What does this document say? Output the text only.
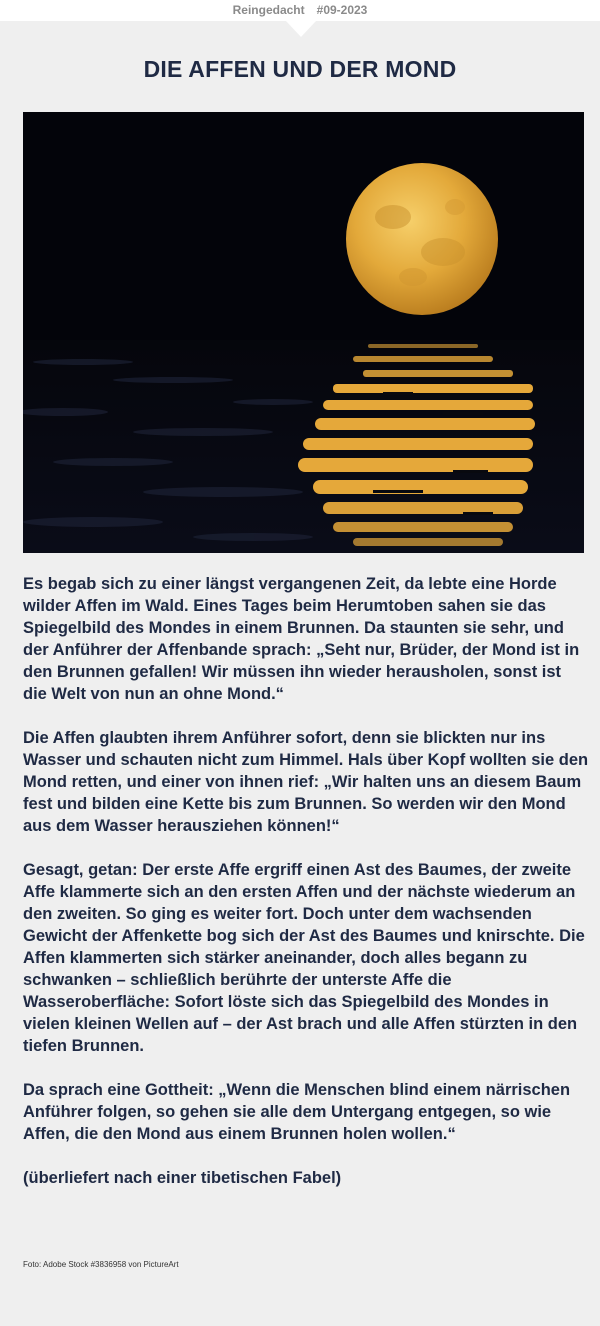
Reingedacht #09-2023
DIE AFFEN UND DER MOND

Es begab sich zu einer längst vergangenen Zeit, da lebte eine Horde wilder Affen im Wald. Eines Tages beim Herumtoben sahen sie das Spiegelbild des Mondes in einem Brunnen. Da staunten sie sehr, und der Anführer der Affenbande sprach: „Seht nur, Brüder, der Mond ist in den Brunnen gefallen! Wir müssen ihn wieder herausholen, sonst ist die Welt von nun an ohne Mond.“

Die Affen glaubten ihrem Anführer sofort, denn sie blickten nur ins Wasser und schauten nicht zum Himmel. Hals über Kopf wollten sie den Mond retten, und einer von ihnen rief: „Wir halten uns an diesem Baum fest und bilden eine Kette bis zum Brunnen. So werden wir den Mond aus dem Wasser herausziehen können!“

Gesagt, getan: Der erste Affe ergriff einen Ast des Baumes, der zweite Affe klammerte sich an den ersten Affen und der nächste wiederum an den zweiten. So ging es weiter fort. Doch unter dem wachsenden Gewicht der Affenkette bog sich der Ast des Baumes und knirschte. Die Affen klammerten sich stärker aneinander, doch alles begann zu schwanken – schließlich berührte der unterste Affe die Wasseroberfläche: Sofort löste sich das Spiegelbild des Mondes in vielen kleinen Wellen auf – der Ast brach und alle Affen stürzten in den tiefen Brunnen.

Da sprach eine Gottheit: „Wenn die Menschen blind einem närrischen Anführer folgen, so gehen sie alle dem Untergang entgegen, so wie Affen, die den Mond aus einem Brunnen holen wollen.“

(überliefert nach einer tibetischen Fabel)

Foto: Adobe Stock #3836958 von PictureArt
